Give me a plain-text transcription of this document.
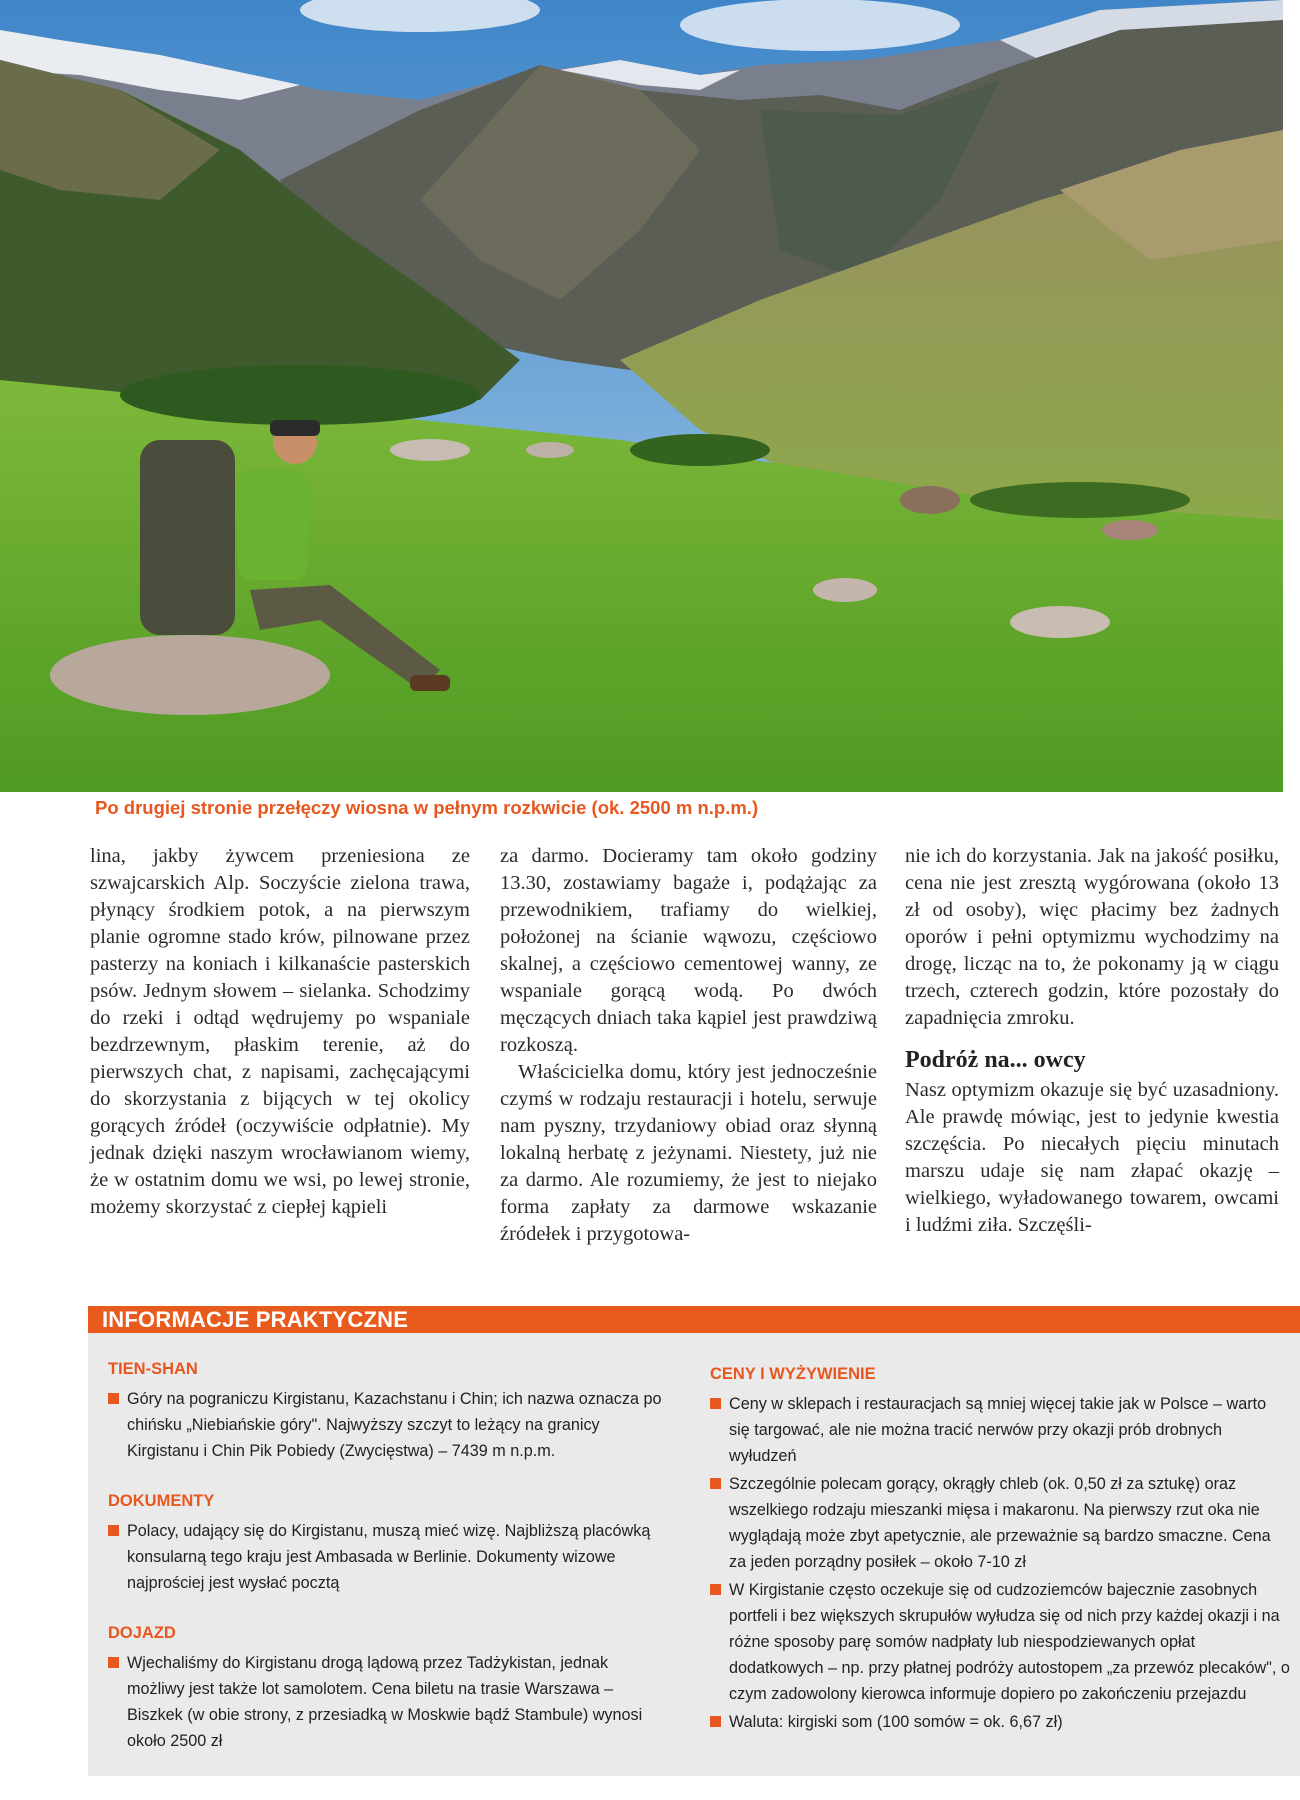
Po drugiej stronie przełęczy wiosna w pełnym rozkwicie (ok. 2500 m n.p.m.)

lina, jakby żywcem przeniesiona ze szwajcarskich Alp. Soczyście zielona trawa, płynący środkiem potok, a na pierwszym planie ogromne stado krów, pilnowane przez pasterzy na koniach i kilkanaście pasterskich psów. Jednym słowem – sielanka. Schodzimy do rzeki i odtąd wędrujemy po wspaniale bezdrzewnym, płaskim terenie, aż do pierwszych chat, z napisami, zachęcającymi do skorzystania z bijących w tej okolicy gorących źródeł (oczywiście odpłatnie). My jednak dzięki naszym wrocławianom wiemy, że w ostatnim domu we wsi, po lewej stronie, możemy skorzystać z ciepłej kąpieli

za darmo. Docieramy tam około godziny 13.30, zostawiamy bagaże i, podążając za przewodnikiem, trafiamy do wielkiej, położonej na ścianie wąwozu, częściowo skalnej, a częściowo cementowej wanny, ze wspaniale gorącą wodą. Po dwóch męczących dniach taka kąpiel jest prawdziwą rozkoszą.

Właścicielka domu, który jest jednocześnie czymś w rodzaju restauracji i hotelu, serwuje nam pyszny, trzydaniowy obiad oraz słynną lokalną herbatę z jeżynami. Niestety, już nie za darmo. Ale rozumiemy, że jest to niejako forma zapłaty za darmowe wskazanie źródełek i przygotowa-

nie ich do korzystania. Jak na jakość posiłku, cena nie jest zresztą wygórowana (około 13 zł od osoby), więc płacimy bez żadnych oporów i pełni optymizmu wychodzimy na drogę, licząc na to, że pokonamy ją w ciągu trzech, czterech godzin, które pozostały do zapadnięcia zmroku.

Podróż na... owcy

Nasz optymizm okazuje się być uzasadniony. Ale prawdę mówiąc, jest to jedynie kwestia szczęścia. Po niecałych pięciu minutach marszu udaje się nam złapać okazję – wielkiego, wyładowanego towarem, owcami i ludźmi ziła. Szczęśli-

INFORMACJE PRAKTYCZNE
TIEN-SHAN
Góry na pograniczu Kirgistanu, Kazachstanu i Chin; ich nazwa oznacza po chińsku „Niebiańskie góry". Najwyższy szczyt to leżący na granicy Kirgistanu i Chin Pik Pobiedy (Zwycięstwa) – 7439 m n.p.m.
DOKUMENTY
Polacy, udający się do Kirgistanu, muszą mieć wizę. Najbliższą placówką konsularną tego kraju jest Ambasada w Berlinie. Dokumenty wizowe najprościej jest wysłać pocztą
DOJAZD
Wjechaliśmy do Kirgistanu drogą lądową przez Tadżykistan, jednak możliwy jest także lot samolotem. Cena biletu na trasie Warszawa – Biszkek (w obie strony, z przesiadką w Moskwie bądź Stambule) wynosi około 2500 zł
CENY I WYŻYWIENIE
Ceny w sklepach i restauracjach są mniej więcej takie jak w Polsce – warto się targować, ale nie można tracić nerwów przy okazji prób drobnych wyłudzeń
Szczególnie polecam gorący, okrągły chleb (ok. 0,50 zł za sztukę) oraz wszelkiego rodzaju mieszanki mięsa i makaronu. Na pierwszy rzut oka nie wyglądają może zbyt apetycznie, ale przeważnie są bardzo smaczne. Cena za jeden porządny posiłek – około 7-10 zł
W Kirgistanie często oczekuje się od cudzoziemców bajecznie zasobnych portfeli i bez większych skrupułów wyłudza się od nich przy każdej okazji i na różne sposoby parę somów nadpłaty lub niespodziewanych opłat dodatkowych – np. przy płatnej podróży autostopem „za przewóz plecaków", o czym zadowolony kierowca informuje dopiero po zakończeniu przejazdu
Waluta: kirgiski som (100 somów = ok. 6,67 zł)
